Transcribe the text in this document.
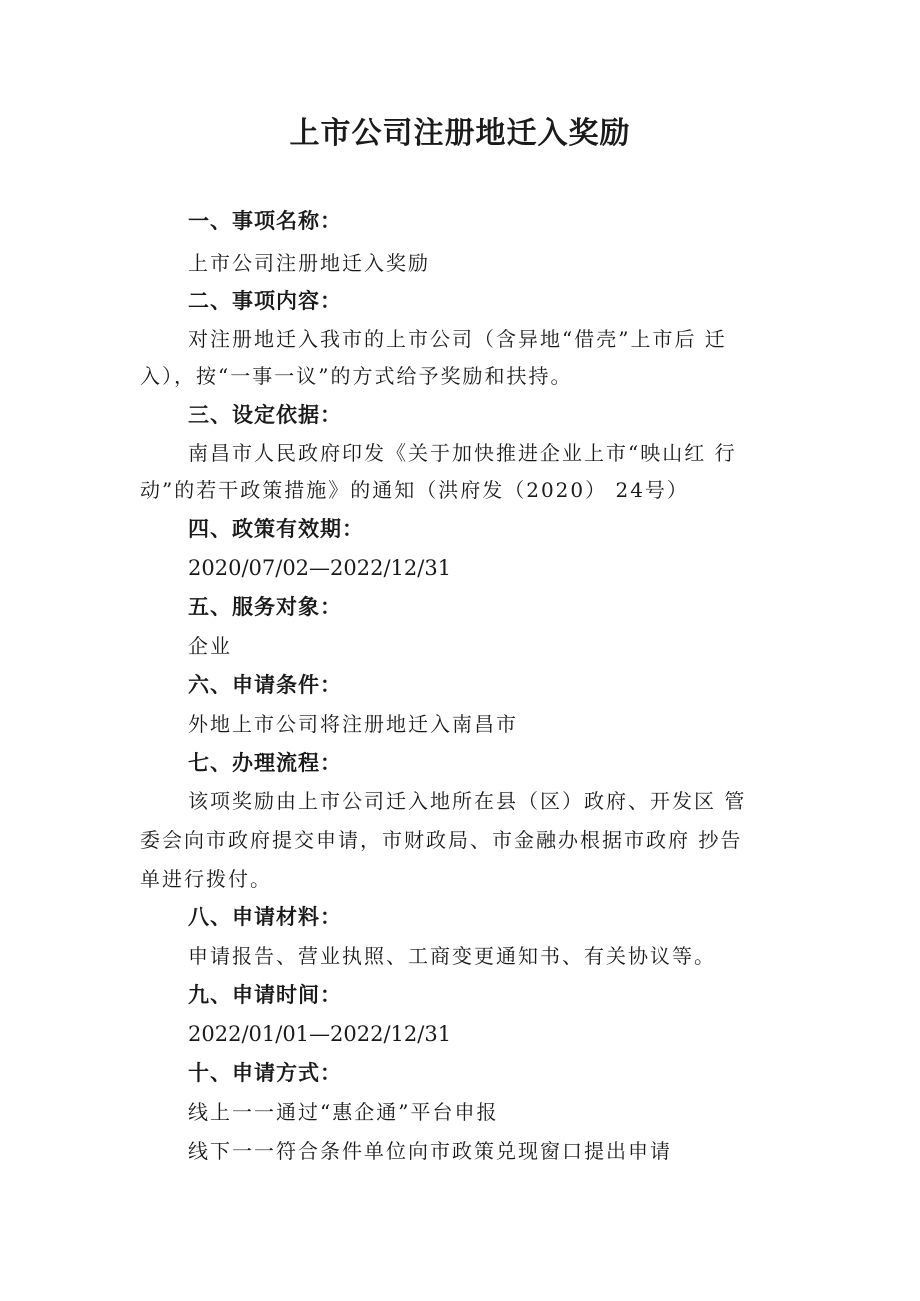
上市公司注册地迁入奖励
一、事项名称：
上市公司注册地迁入奖励
二、事项内容：
对注册地迁入我市的上市公司（含异地“借壳”上市后 迁
入），按“一事一议”的方式给予奖励和扶持。
三、设定依据：
南昌市人民政府印发《关于加快推进企业上市“映山红 行
动”的若干政策措施》的通知（洪府发（2020） 24号）
四、政策有效期：
2020/07/02—2022/12/31
五、服务对象：
企业
六、申请条件：
外地上市公司将注册地迁入南昌市
七、办理流程：
该项奖励由上市公司迁入地所在县（区）政府、开发区 管
委会向市政府提交申请，市财政局、市金融办根据市政府 抄告
单进行拨付。
八、申请材料：
申请报告、营业执照、工商变更通知书、有关协议等。
九、申请时间：
2022/01/01—2022/12/31
十、申请方式：
线上一一通过“惠企通”平台申报
线下一一符合条件单位向市政策兑现窗口提出申请
